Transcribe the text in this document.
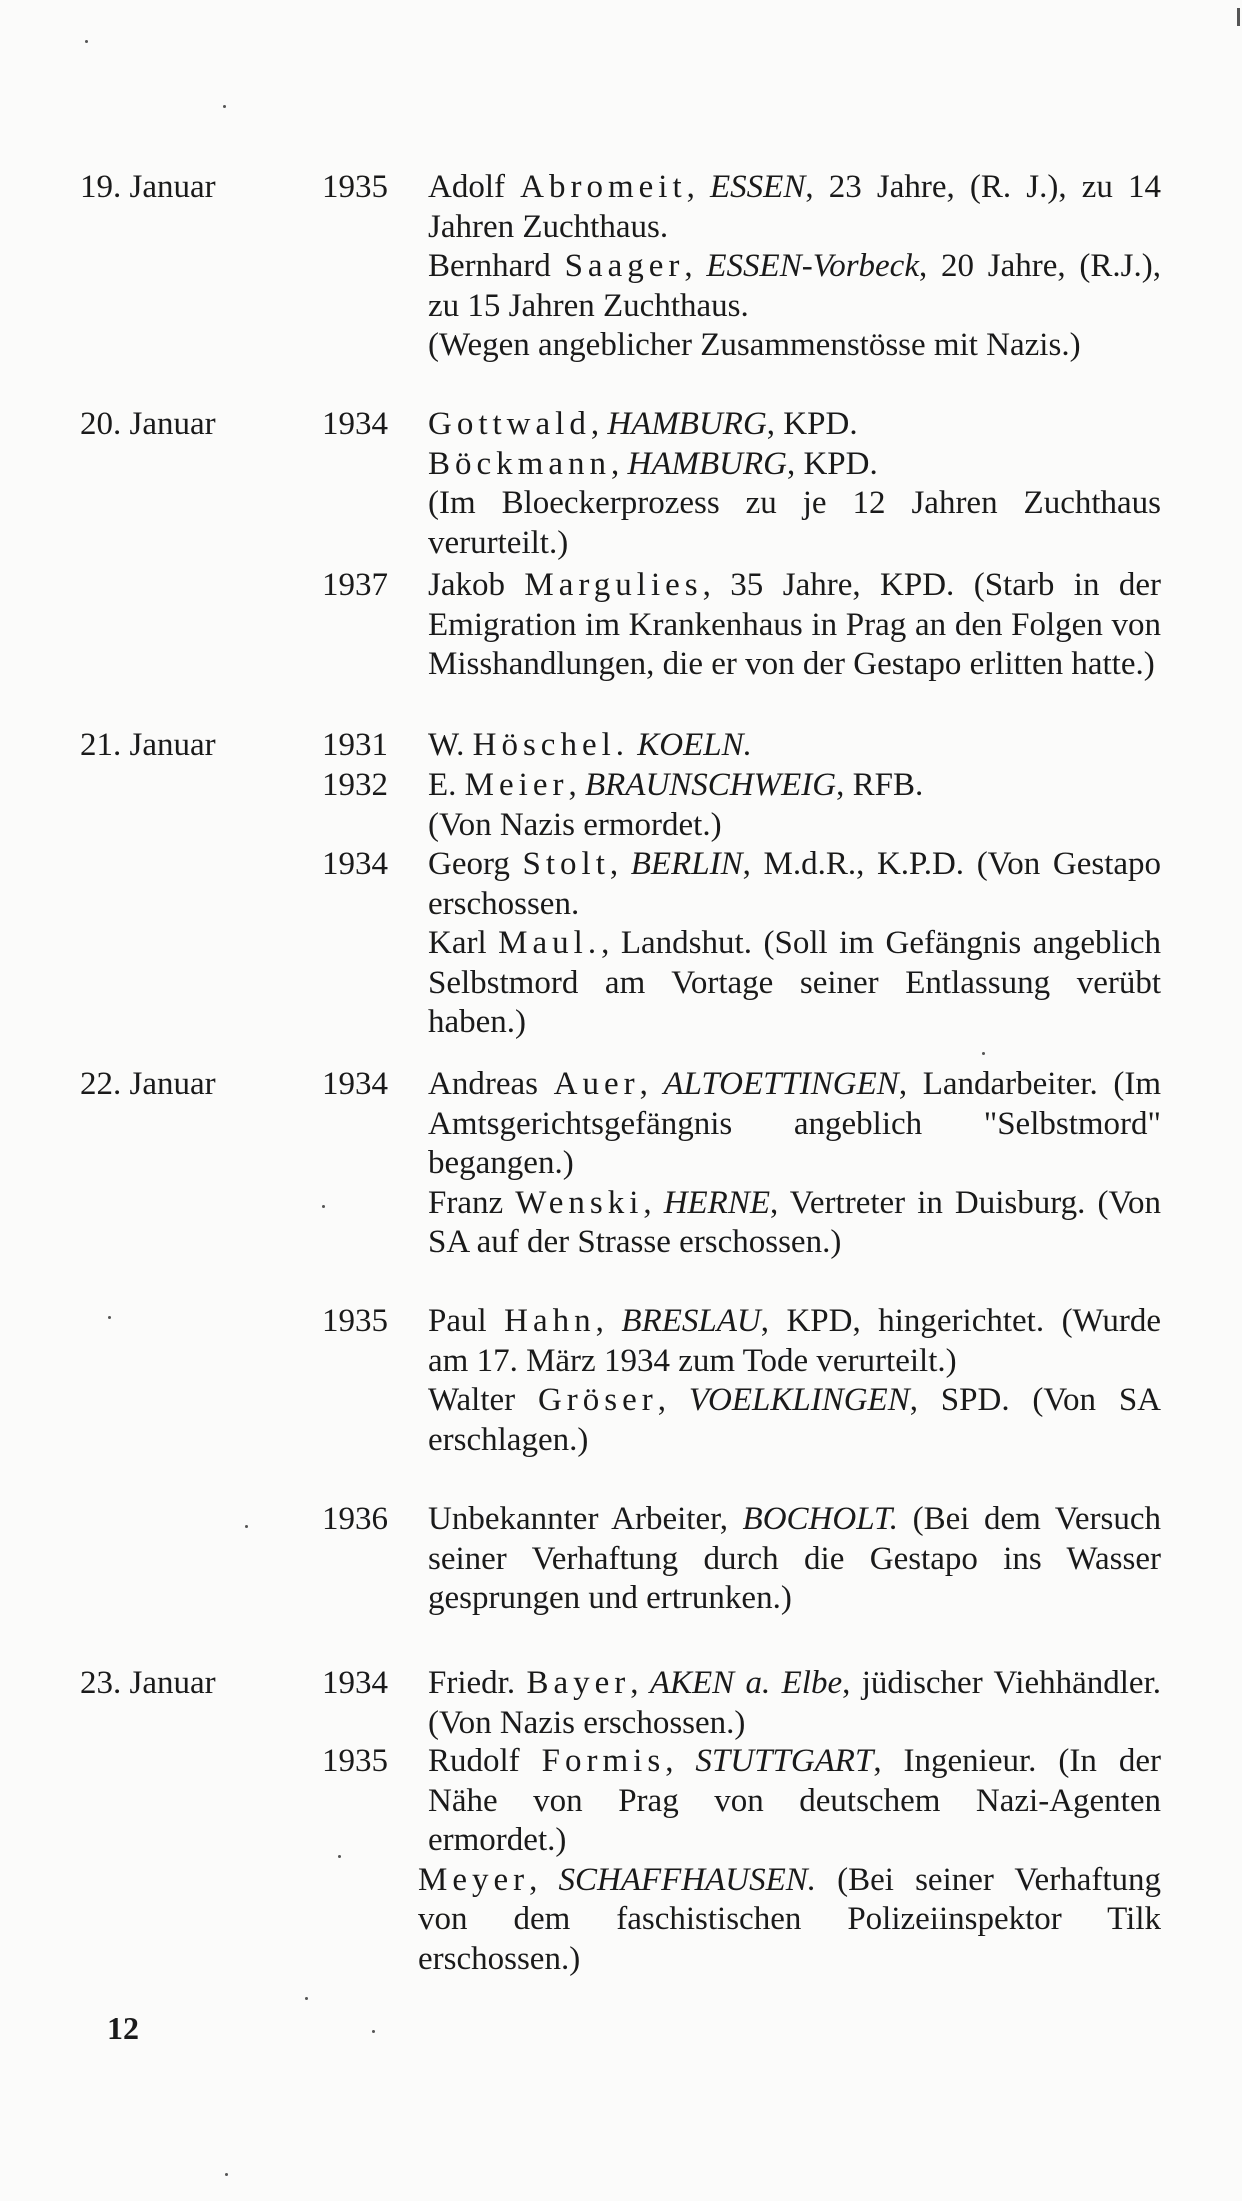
19. Januar	1935 Adolf Abromeit, ESSEN, 23 Jahre, (R. J.), zu 14 Jahren Zuchthaus.

Bernhard Saager, ESSEN-Vorbeck, 20 Jahre, (R.J.), zu 15 Jahren Zuchthaus.

(Wegen angeblicher Zusammenstösse mit Nazis.)

20. Januar	1934 Gottwald, HAMBURG, KPD.

Böckmann, HAMBURG, KPD.

(Im Bloeckerprozess zu je 12 Jahren Zuchthaus verurteilt.)

1937 Jakob Margulies, 35 Jahre, KPD. (Starb in der Emigration im Krankenhaus in Prag an den Folgen von Misshandlungen, die er von der Gestapo erlitten hatte.)

21. Januar	1931 W. Höschel. KOELN.

1932 E. Meier, BRAUNSCHWEIG, RFB.

(Von Nazis ermordet.)

1934 Georg Stolt, BERLIN, M.d.R., K.P.D. (Von Gestapo erschossen.

Karl Maul., Landshut. (Soll im Gefängnis angeblich Selbstmord am Vortage seiner Entlassung verübt haben.)

22. Januar	1934 Andreas Auer, ALTOETTINGEN, Landarbeiter. (Im Amtsgerichtsgefängnis angeblich "Selbstmord" begangen.)

Franz Wenski, HERNE, Vertreter in Duisburg. (Von SA auf der Strasse erschossen.)

1935 Paul Hahn, BRESLAU, KPD, hingerichtet. (Wurde am 17. März 1934 zum Tode verurteilt.)

Walter Gröser, VOELKLINGEN, SPD. (Von SA erschlagen.)

1936 Unbekannter Arbeiter, BOCHOLT. (Bei dem Versuch seiner Verhaftung durch die Gestapo ins Wasser gesprungen und ertrunken.)

23. Januar	1934 Friedr. Bayer, AKEN a. Elbe, jüdischer Viehhändler. (Von Nazis erschossen.)

1935 Rudolf Formis, STUTTGART, Ingenieur. (In der Nähe von Prag von deutschem Nazi-Agenten ermordet.)

Meyer, SCHAFFHAUSEN. (Bei seiner Verhaftung von dem faschistischen Polizeiinspektor Tilk erschossen.)

12
